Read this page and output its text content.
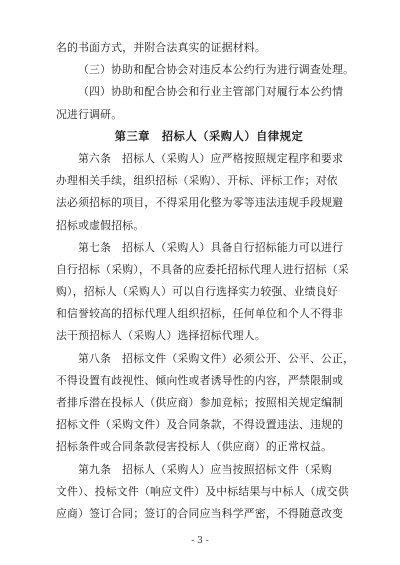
名的书面方式，并附合法真实的证据材料。
（三）协助和配合协会对违反本公约行为进行调查处理。
（四）协助和配合协会和行业主管部门对履行本公约情
况进行调研。
第三章　招标人（采购人）自律规定
第六条　招标人（采购人）应严格按照规定程序和要求
办理相关手续，组织招标（采购）、开标、评标工作；对依
法必须招标的项目，不得采用化整为零等违法违规手段规避
招标或虚假招标。
第七条　招标人（采购人）具备自行招标能力可以进行
自行招标（采购），不具备的应委托招标代理人进行招标（采
购），招标人（采购人）可以自行选择实力较强、业绩良好
和信誉较高的招标代理人组织招标，任何单位和个人不得非
法干预招标人（采购人）选择招标代理人。
第八条　招标文件（采购文件）必须公开、公平、公正，
不得设置有歧视性、倾向性或者诱导性的内容，严禁限制或
者排斥潜在投标人（供应商）参加竞标；按照相关规定编制
招标文件（采购文件）及合同条款，不得设置违法、违规的
招标条件或合同条款侵害投标人（供应商）的正常权益。
第九条　招标人（采购人）应当按照招标文件（采购
文件）、投标文件（响应文件）及中标结果与中标人（成交供
应商）签订合同；签订的合同应当科学严密，不得随意改变
- 3 -
